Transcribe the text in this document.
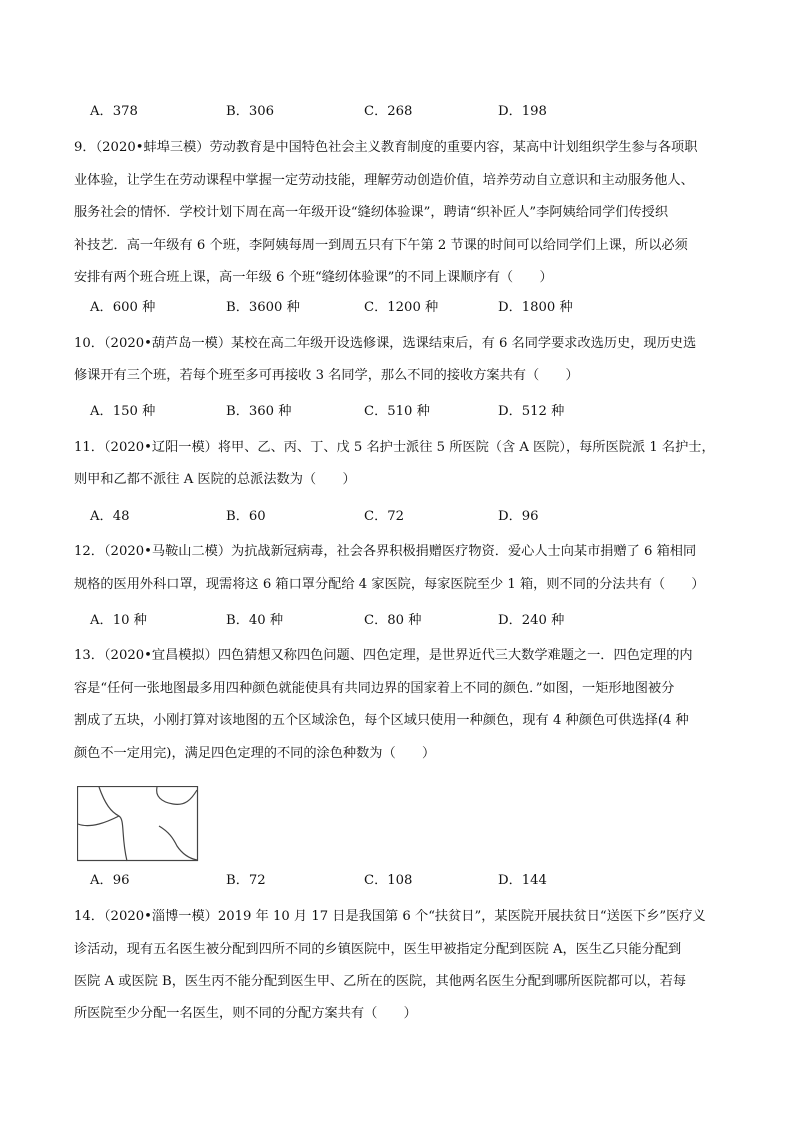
A．378	B．306	C．268	D．198
9．（2020•蚌埠三模）劳动教育是中国特色社会主义教育制度的重要内容，某高中计划组织学生参与各项职
业体验，让学生在劳动课程中掌握一定劳动技能，理解劳动创造价值，培养劳动自立意识和主动服务他人、
服务社会的情怀．学校计划下周在高一年级开设“缝纫体验课”，聘请“织补匠人”李阿姨给同学们传授织
补技艺．高一年级有 6 个班，李阿姨每周一到周五只有下午第 2 节课的时间可以给同学们上课，所以必须
安排有两个班合班上课，高一年级 6 个班“缝纫体验课”的不同上课顺序有（　　）
A．600 种	B．3600 种	C．1200 种	D．1800 种
10．（2020•葫芦岛一模）某校在高二年级开设选修课，选课结束后，有 6 名同学要求改选历史，现历史选
修课开有三个班，若每个班至多可再接收 3 名同学，那么不同的接收方案共有（　　）
A．150 种	B．360 种	C．510 种	D．512 种
11．（2020•辽阳一模）将甲、乙、丙、丁、戊 5 名护士派往 5 所医院（含 A 医院），每所医院派 1 名护士，
则甲和乙都不派往 A 医院的总派法数为（　　）
A．48	B．60	C．72	D．96
12．（2020•马鞍山二模）为抗战新冠病毒，社会各界积极捐赠医疗物资．爱心人士向某市捐赠了 6 箱相同
规格的医用外科口罩，现需将这 6 箱口罩分配给 4 家医院，每家医院至少 1 箱，则不同的分法共有（　　）
A．10 种	B．40 种	C．80 种	D．240 种
13．（2020•宜昌模拟）四色猜想又称四色问题、四色定理，是世界近代三大数学难题之一．四色定理的内
容是“任何一张地图最多用四种颜色就能使具有共同边界的国家着上不同的颜色．”如图，一矩形地图被分
割成了五块，小刚打算对该地图的五个区域涂色，每个区域只使用一种颜色，现有 4 种颜色可供选择(4 种
颜色不一定用完)，满足四色定理的不同的涂色种数为（　　）
A．96	B．72	C．108	D．144
14．（2020•淄博一模）2019 年 10 月 17 日是我国第 6 个“扶贫日”，某医院开展扶贫日“送医下乡”医疗义
诊活动，现有五名医生被分配到四所不同的乡镇医院中，医生甲被指定分配到医院 A，医生乙只能分配到
医院 A 或医院 B，医生丙不能分配到医生甲、乙所在的医院，其他两名医生分配到哪所医院都可以，若每
所医院至少分配一名医生，则不同的分配方案共有（　　）
